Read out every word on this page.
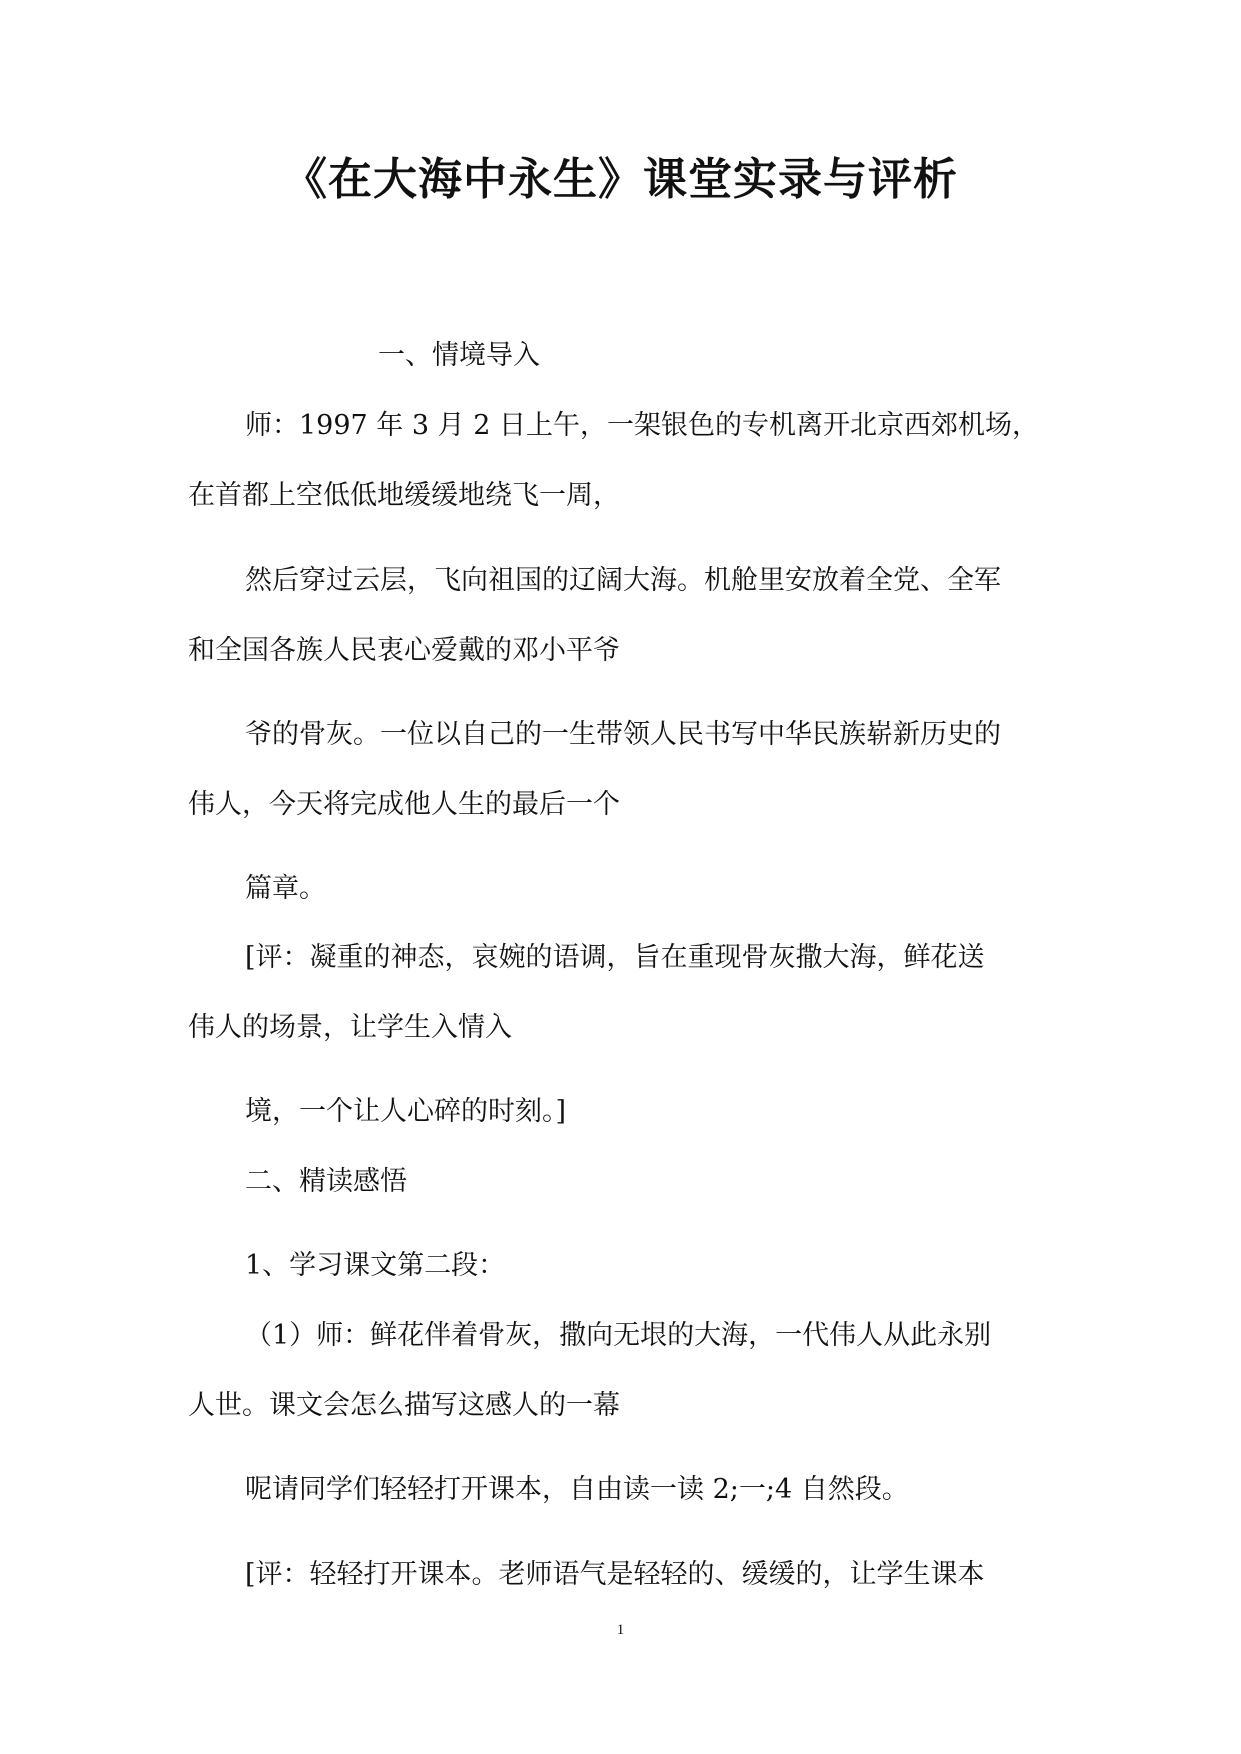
《在大海中永生》课堂实录与评析
一、情境导入
师：1997 年 3 月 2 日上午，一架银色的专机离开北京西郊机场，
在首都上空低低地缓缓地绕飞一周，
然后穿过云层，飞向祖国的辽阔大海。机舱里安放着全党、全军
和全国各族人民衷心爱戴的邓小平爷
爷的骨灰。一位以自己的一生带领人民书写中华民族崭新历史的
伟人，今天将完成他人生的最后一个
篇章。
[评：凝重的神态，哀婉的语调，旨在重现骨灰撒大海，鲜花送
伟人的场景，让学生入情入
境，一个让人心碎的时刻。]
二、精读感悟
1、学习课文第二段：
（1）师：鲜花伴着骨灰，撒向无垠的大海，一代伟人从此永别
人世。课文会怎么描写这感人的一幕
呢请同学们轻轻打开课本，自由读一读 2;一;4 自然段。
[评：轻轻打开课本。老师语气是轻轻的、缓缓的，让学生课本
1
